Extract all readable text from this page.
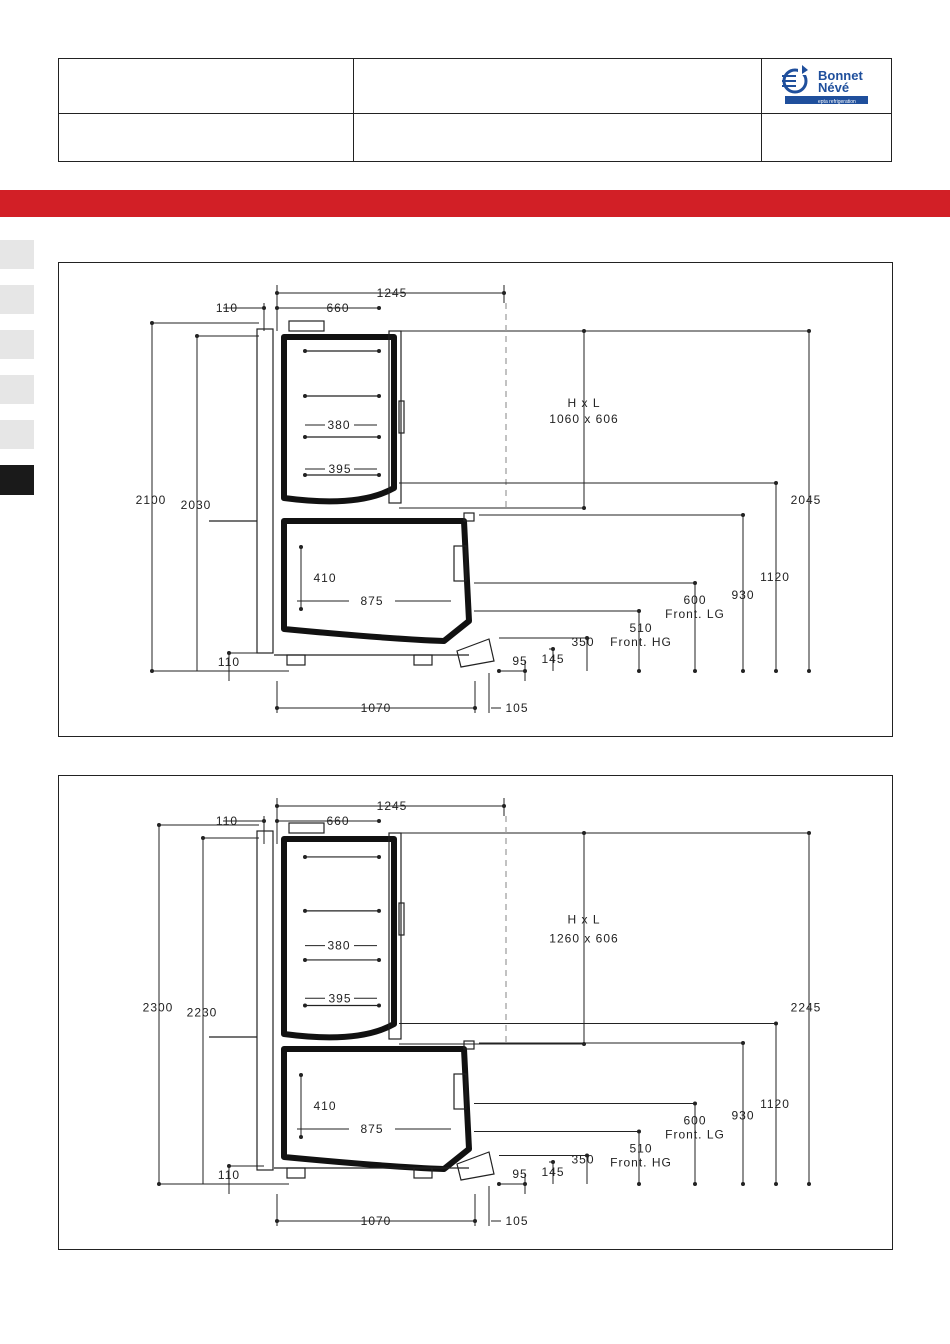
Bonnet
Névé
epta refrigeration
1245
110	660
2100 2030
380
395
H x L
1060 x 606
2045
1120
930
600
Front. LG
510
Front. HG
350
145
410
875
110	95
1070	105
1245
110	660
2300 2230
380
395
H x L
1260 x 606
2245
1120
930
600
Front. LG
510
Front. HG
350
145
410
875
110	95
1070	105
